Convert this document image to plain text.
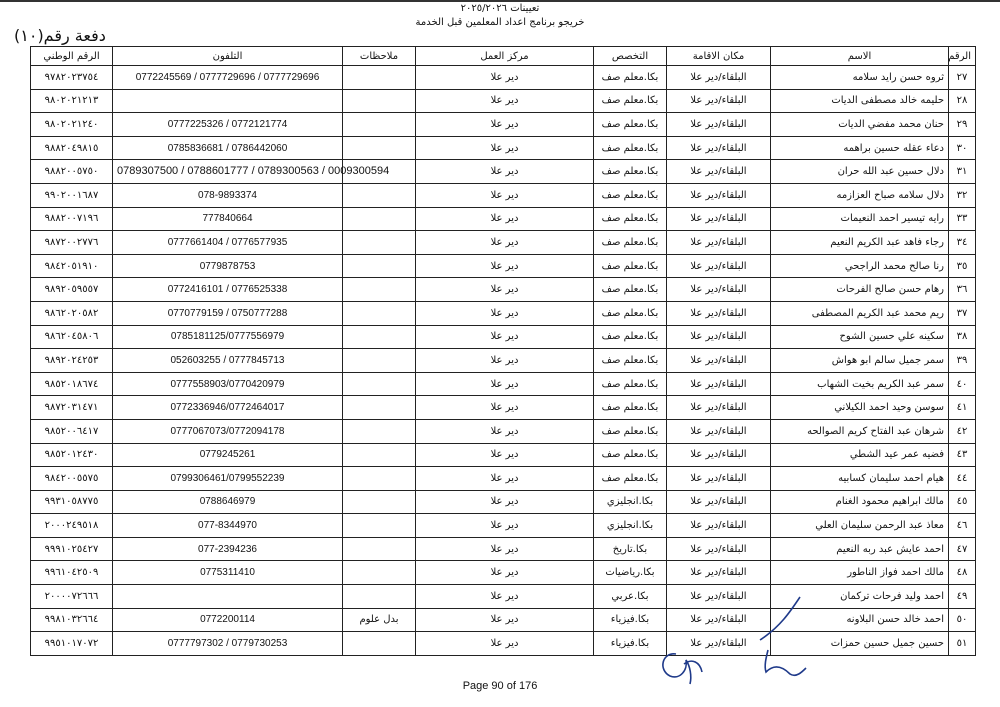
تعيينات ٢٠٢٥/٢٠٢٦
خريجو برنامج اعداد المعلمين قبل الخدمة
دفعة رقم(١٠)
الرقم	الاسم	مكان الاقامة	التخصص	مركز العمل	ملاحظات	التلفون	الرقم الوطني
٢٧	ثروه حسن رايد سلامه	البلقاء/دير علا	بكا.معلم صف	دير علا		0772245569 / 0777729696 / 0777729696	٩٧٨٢٠٢٣٧٥٤
٢٨	حليمه خالد مصطفى الديات	البلقاء/دير علا	بكا.معلم صف	دير علا			٩٨٠٢٠٢١٢١٣
٢٩	حنان محمد مفضي الديات	البلقاء/دير علا	بكا.معلم صف	دير علا		0777225326 / 0772121774	٩٨٠٢٠٢١٢٤٠
٣٠	دعاء عقله حسين براهمه	البلقاء/دير علا	بكا.معلم صف	دير علا		0785836681 / 0786442060	٩٨٨٢٠٤٩٨١٥
٣١	دلال حسين عبد الله حران	البلقاء/دير علا	بكا.معلم صف	دير علا		0789307500 / 0788601777 / 0789300563 / 0009300594	٩٨٨٢٠٠٥٧٥٠
٣٢	دلال سلامه صباح العزازمه	البلقاء/دير علا	بكا.معلم صف	دير علا		078-9893374	٩٩٠٢٠٠١٦٨٧
٣٣	رايه تيسير احمد النعيمات	البلقاء/دير علا	بكا.معلم صف	دير علا		777840664	٩٨٨٢٠٠٧١٩٦
٣٤	رجاء فاهد عبد الكريم النعيم	البلقاء/دير علا	بكا.معلم صف	دير علا		0777661404 / 0776577935	٩٨٧٢٠٠٢٧٧٦
٣٥	رنا صالح محمد الراجحي	البلقاء/دير علا	بكا.معلم صف	دير علا		0779878753	٩٨٤٢٠٥١٩١٠
٣٦	رهام حسن صالح الفرحات	البلقاء/دير علا	بكا.معلم صف	دير علا		0772416101 / 0776525338	٩٨٩٢٠٥٩٥٥٧
٣٧	ريم محمد عبد الكريم المصطفى	البلقاء/دير علا	بكا.معلم صف	دير علا		0770779159 / 0750777288	٩٨٦٢٠٢٠٥٨٢
٣٨	سكينه علي حسين الشوح	البلقاء/دير علا	بكا.معلم صف	دير علا		0785181125/0777556979	٩٨٦٢٠٤٥٨٠٦
٣٩	سمر جميل سالم ابو هواش	البلقاء/دير علا	بكا.معلم صف	دير علا		052603255 / 0777845713	٩٨٩٢٠٢٤٢٥٣
٤٠	سمر عبد الكريم بخيت الشهاب	البلقاء/دير علا	بكا.معلم صف	دير علا		0777558903/0770420979	٩٨٥٢٠١٨٦٧٤
٤١	سوسن وحيد احمد الكيلاني	البلقاء/دير علا	بكا.معلم صف	دير علا		0772336946/0772464017	٩٨٧٢٠٣١٤٧١
٤٢	شرهان عبد الفتاح كريم الصوالحه	البلقاء/دير علا	بكا.معلم صف	دير علا		0777067073/0772094178	٩٨٥٢٠٠٦٤١٧
٤٣	فضيه عمر عيد الشطي	البلقاء/دير علا	بكا.معلم صف	دير علا		0779245261	٩٨٥٢٠١٢٤٣٠
٤٤	هيام احمد سليمان كسابيه	البلقاء/دير علا	بكا.معلم صف	دير علا		0799306461/0799552239	٩٨٤٢٠٠٥٥٧٥
٤٥	مالك ابراهيم محمود الغنام	البلقاء/دير علا	بكا.انجليزي	دير علا		0788646979	٩٩٣١٠٥٨٧٧٥
٤٦	معاذ عبد الرحمن سليمان العلي	البلقاء/دير علا	بكا.انجليزي	دير علا		077-8344970	٢٠٠٠٢٤٩٥١٨
٤٧	احمد عايش عبد ربه النعيم	البلقاء/دير علا	بكا.تاريخ	دير علا		077-2394236	٩٩٩١٠٢٥٤٢٧
٤٨	مالك احمد فواز الناطور	البلقاء/دير علا	بكا.رياضيات	دير علا		0775311410	٩٩٦١٠٤٢٥٠٩
٤٩	احمد وليد فرحات تركمان	البلقاء/دير علا	بكا.عربي	دير علا			٢٠٠٠٠٧٢٦٦٦
٥٠	احمد خالد حسن البلاونه	البلقاء/دير علا	بكا.فيزياء	دير علا	بدل علوم	0772200114	٩٩٨١٠٣٢٦٦٤
٥١	حسين جميل حسين حمزات	البلقاء/دير علا	بكا.فيزياء	دير علا		0777797302 / 0779730253	٩٩٥١٠١٧٠٧٢
Page 90 of 176
